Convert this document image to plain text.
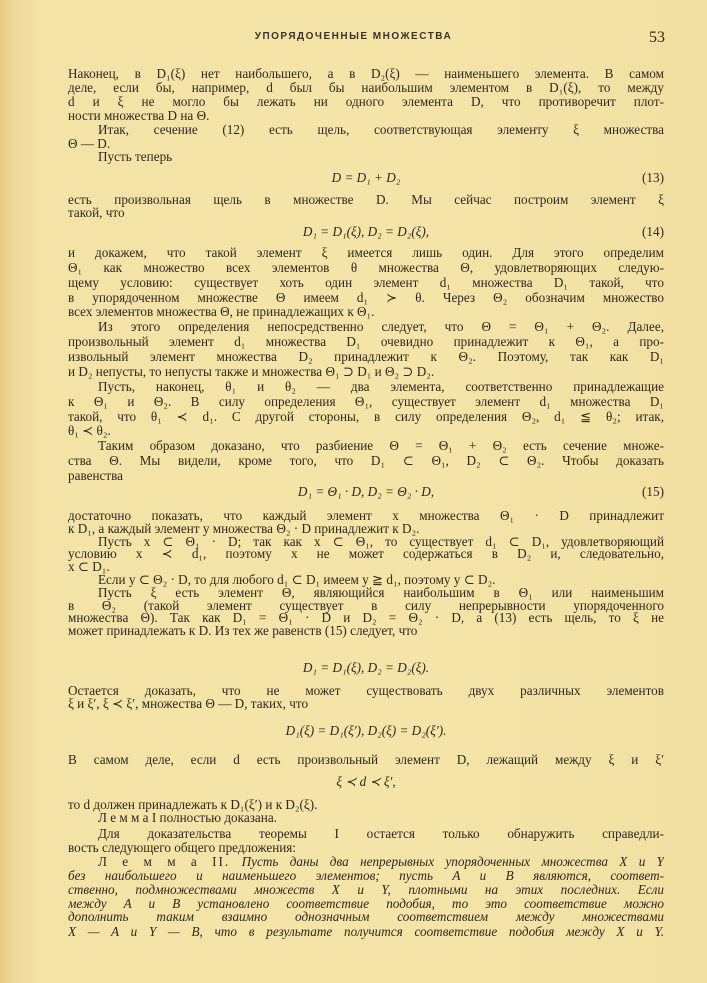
УПОРЯДОЧЕННЫЕ МНОЖЕСТВА	53
Наконец, в D₁(ξ) нет наибольшего, а в D₂(ξ) — наименьшего элемента. В самом
деле, если бы, например, d был бы наибольшим элементом в D₁(ξ), то между
d и ξ не могло бы лежать ни одного элемента D, что противоречит плот-
ности множества D на Θ.
Итак, сечение (12) есть щель, соответствующая элементу ξ множества
Θ — D.
Пусть теперь
D = D₁ + D₂	(13)
есть произвольная щель в множестве D. Мы сейчас построим элемент ξ
такой, что
D₁ = D₁(ξ), D₂ = D₂(ξ),	(14)
и докажем, что такой элемент ξ имеется лишь один. Для этого определим
Θ₁ как множество всех элементов θ множества Θ, удовлетворяющих следую-
щему условию: существует хоть один элемент d₁ множества D₁ такой, что
в упорядоченном множестве Θ имеем d₁ ≻ θ. Через Θ₂ обозначим множество
всех элементов множества Θ, не принадлежащих к Θ₁.
Из этого определения непосредственно следует, что Θ = Θ₁ + Θ₂. Далее,
произвольный элемент d₁ множества D₁ очевидно принадлежит к Θ₁, а про-
извольный элемент множества D₂ принадлежит к Θ₂. Поэтому, так как D₁
и D₂ непусты, то непусты также и множества Θ₁ ⊃ D₁ и Θ₂ ⊃ D₂.
Пусть, наконец, θ₁ и θ₂ — два элемента, соответственно принадлежащие
к Θ₁ и Θ₂. В силу определения Θ₁, существует элемент d₁ множества D₁
такой, что θ₁ ≺ d₁. С другой стороны, в силу определения Θ₂, d₁ ≦ θ₂; итак,
θ₁ ≺ θ₂.
Таким образом доказано, что разбиение Θ = Θ₁ + Θ₂ есть сечение множе-
ства Θ. Мы видели, кроме того, что D₁ ⊂ Θ₁, D₂ ⊂ Θ₂. Чтобы доказать
равенства
D₁ = Θ₁ · D, D₂ = Θ₂ · D,	(15)
достаточно показать, что каждый элемент x множества Θ₁ · D принадлежит
к D₁, а каждый элемент y множества Θ₂ · D принадлежит к D₂.
Пусть x ⊂ Θ₁ · D; так как x ⊂ Θ₁, то существует d₁ ⊂ D₁, удовлетворяющий
условию x ≺ d₁, поэтому x не может содержаться в D₂ и, следовательно,
x ⊂ D₁.
Если y ⊂ Θ₂ · D, то для любого d₁ ⊂ D₁ имеем y ≧ d₁, поэтому y ⊂ D₂.
Пусть ξ есть элемент Θ, являющийся наибольшим в Θ₁ или наименьшим
в Θ₂ (такой элемент существует в силу непрерывности упорядоченного
множества Θ). Так как D₁ = Θ₁ · D и D₂ = Θ₂ · D, а (13) есть щель, то ξ не
может принадлежать к D. Из тех же равенств (15) следует, что
D₁ = D₁(ξ), D₂ = D₂(ξ).
Остается доказать, что не может существовать двух различных элементов
ξ и ξ′, ξ ≺ ξ′, множества Θ — D, таких, что
D₁(ξ) = D₁(ξ′), D₂(ξ) = D₂(ξ′).
В самом деле, если d есть произвольный элемент D, лежащий между ξ и ξ′
ξ ≺ d ≺ ξ′,
то d должен принадлежать к D₁(ξ′) и к D₂(ξ).
Л е м м а I полностью доказана.
Для доказательства теоремы I остается только обнаружить справедли-
вость следующего общего предложения:
Л е м м а II. Пусть даны два непрерывных упорядоченных множества X и Y
без наибольшего и наименьшего элементов; пусть A и B являются, соответ-
ственно, подмножествами множеств X и Y, плотными на этих последних. Если
между A и B установлено соответствие подобия, то это соответствие можно
дополнить таким взаимно однозначным соответствием между множествами
X — A и Y — B, что в результате получится соответствие подобия между X и Y.
